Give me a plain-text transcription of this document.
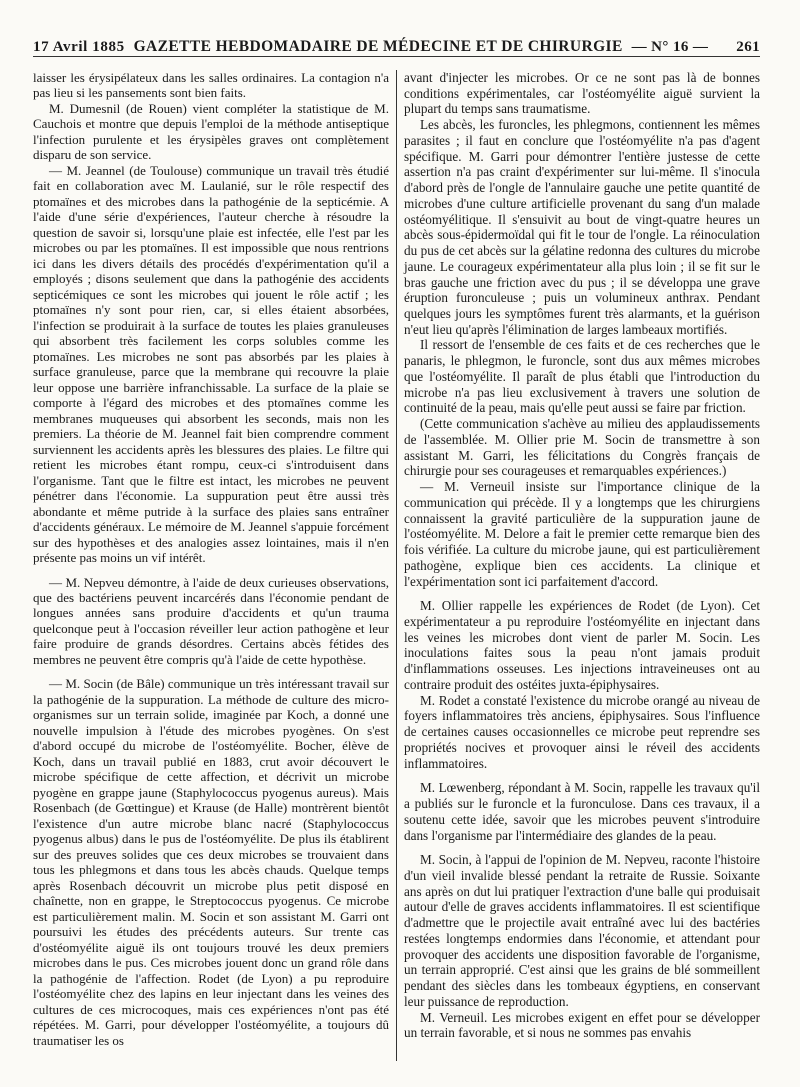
17 Avril 1885 GAZETTE HEBDOMADAIRE DE MÉDECINE ET DE CHIRURGIE — N° 16 — 261

laisser les érysipélateux dans les salles ordinaires. La contagion n'a pas lieu si les pansements sont bien faits.

M. Dumesnil (de Rouen) vient compléter la statistique de M. Cauchois et montre que depuis l'emploi de la méthode antiseptique l'infection purulente et les érysipèles graves ont complètement disparu de son service.

— M. Jeannel (de Toulouse) communique un travail très étudié fait en collaboration avec M. Laulanié, sur le rôle respectif des ptomaïnes et des microbes dans la pathogénie de la septicémie. A l'aide d'une série d'expériences, l'auteur cherche à résoudre la question de savoir si, lorsqu'une plaie est infectée, elle l'est par les microbes ou par les ptomaïnes. Il est impossible que nous rentrions ici dans les divers détails des procédés d'expérimentation qu'il a employés ; disons seulement que dans la pathogénie des accidents septicémiques ce sont les microbes qui jouent le rôle actif ; les ptomaïnes n'y sont pour rien, car, si elles étaient absorbées, l'infection se produirait à la surface de toutes les plaies granuleuses qui absorbent très facilement les corps solubles comme les ptomaïnes. Les microbes ne sont pas absorbés par les plaies à surface granuleuse, parce que la membrane qui recouvre la plaie leur oppose une barrière infranchissable. La surface de la plaie se comporte à l'égard des microbes et des ptomaïnes comme les membranes muqueuses qui absorbent les seconds, mais non les premiers. La théorie de M. Jeannel fait bien comprendre comment surviennent les accidents après les blessures des plaies. Le filtre qui retient les microbes étant rompu, ceux-ci s'introduisent dans l'organisme. Tant que le filtre est intact, les microbes ne peuvent pénétrer dans l'économie. La suppuration peut être aussi très abondante et même putride à la surface des plaies sans entraîner d'accidents généraux. Le mémoire de M. Jeannel s'appuie forcément sur des hypothèses et des analogies assez lointaines, mais il n'en présente pas moins un vif intérêt.

— M. Nepveu démontre, à l'aide de deux curieuses observations, que des bactériens peuvent incarcérés dans l'économie pendant de longues années sans produire d'accidents et qu'un trauma quelconque peut à l'occasion réveiller leur action pathogène et leur faire produire de grands désordres. Certains abcès fétides des membres ne peuvent être compris qu'à l'aide de cette hypothèse.

— M. Socin (de Bâle) communique un très intéressant travail sur la pathogénie de la suppuration. La méthode de culture des micro-organismes sur un terrain solide, imaginée par Koch, a donné une nouvelle impulsion à l'étude des microbes pyogènes. On s'est d'abord occupé du microbe de l'ostéomyélite. Bocher, élève de Koch, dans un travail publié en 1883, crut avoir découvert le microbe spécifique de cette affection, et décrivit un microbe pyogène en grappe jaune (Staphylococcus pyogenus aureus). Mais Rosenbach (de Gœttingue) et Krause (de Halle) montrèrent bientôt l'existence d'un autre microbe blanc nacré (Staphylococcus pyogenus albus) dans le pus de l'ostéomyélite. De plus ils établirent sur des preuves solides que ces deux microbes se trouvaient dans tous les phlegmons et dans tous les abcès chauds. Quelque temps après Rosenbach découvrit un microbe plus petit disposé en chaînette, non en grappe, le Streptococcus pyogenus. Ce microbe est particulièrement malin. M. Socin et son assistant M. Garri ont poursuivi les études des précédents auteurs. Sur trente cas d'ostéomyélite aiguë ils ont toujours trouvé les deux premiers microbes dans le pus. Ces microbes jouent donc un grand rôle dans la pathogénie de l'affection. Rodet (de Lyon) a pu reproduire l'ostéomyélite chez des lapins en leur injectant dans les veines des cultures de ces microcoques, mais ces expériences n'ont pas été répétées. M. Garri, pour développer l'ostéomyélite, a toujours dû traumatiser les os

avant d'injecter les microbes. Or ce ne sont pas là de bonnes conditions expérimentales, car l'ostéomyélite aiguë survient la plupart du temps sans traumatisme.

Les abcès, les furoncles, les phlegmons, contiennent les mêmes parasites ; il faut en conclure que l'ostéomyélite n'a pas d'agent spécifique. M. Garri pour démontrer l'entière justesse de cette assertion n'a pas craint d'expérimenter sur lui-même. Il s'inocula d'abord près de l'ongle de l'annulaire gauche une petite quantité de microbes d'une culture artificielle provenant du sang d'un malade ostéomyélitique. Il s'ensuivit au bout de vingt-quatre heures un abcès sous-épidermoïdal qui fit le tour de l'ongle. La réinoculation du pus de cet abcès sur la gélatine redonna des cultures du microbe jaune. Le courageux expérimentateur alla plus loin ; il se fit sur le bras gauche une friction avec du pus ; il se développa une grave éruption furonculeuse ; puis un volumineux anthrax. Pendant quelques jours les symptômes furent très alarmants, et la guérison n'eut lieu qu'après l'élimination de larges lambeaux mortifiés.

Il ressort de l'ensemble de ces faits et de ces recherches que le panaris, le phlegmon, le furoncle, sont dus aux mêmes microbes que l'ostéomyélite. Il paraît de plus établi que l'introduction du microbe n'a pas lieu exclusivement à travers une solution de continuité de la peau, mais qu'elle peut aussi se faire par friction.

(Cette communication s'achève au milieu des applaudissements de l'assemblée. M. Ollier prie M. Socin de transmettre à son assistant M. Garri, les félicitations du Congrès français de chirurgie pour ses courageuses et remarquables expériences.)

— M. Verneuil insiste sur l'importance clinique de la communication qui précède. Il y a longtemps que les chirurgiens connaissent la gravité particulière de la suppuration jaune de l'ostéomyélite. M. Delore a fait le premier cette remarque bien des fois vérifiée. La culture du microbe jaune, qui est particulièrement pathogène, explique bien ces accidents. La clinique et l'expérimentation sont ici parfaitement d'accord.

M. Ollier rappelle les expériences de Rodet (de Lyon). Cet expérimentateur a pu reproduire l'ostéomyélite en injectant dans les veines les microbes dont vient de parler M. Socin. Les inoculations faites sous la peau n'ont jamais produit d'inflammations osseuses. Les injections intraveineuses ont au contraire produit des ostéites juxta-épiphysaires.

M. Rodet a constaté l'existence du microbe orangé au niveau de foyers inflammatoires très anciens, épiphysaires. Sous l'influence de certaines causes occasionnelles ce microbe peut reprendre ses propriétés nocives et provoquer ainsi le réveil des accidents inflammatoires.

M. Lœwenberg, répondant à M. Socin, rappelle les travaux qu'il a publiés sur le furoncle et la furonculose. Dans ces travaux, il a soutenu cette idée, savoir que les microbes peuvent s'introduire dans l'organisme par l'intermédiaire des glandes de la peau.

M. Socin, à l'appui de l'opinion de M. Nepveu, raconte l'histoire d'un vieil invalide blessé pendant la retraite de Russie. Soixante ans après on dut lui pratiquer l'extraction d'une balle qui produisait autour d'elle de graves accidents inflammatoires. Il est scientifique d'admettre que le projectile avait entraîné avec lui des bactéries restées longtemps endormies dans l'économie, et attendant pour provoquer des accidents une disposition favorable de l'organisme, un terrain approprié. C'est ainsi que les grains de blé sommeillent pendant des siècles dans les tombeaux égyptiens, en conservant leur puissance de reproduction.

M. Verneuil. Les microbes exigent en effet pour se développer un terrain favorable, et si nous ne sommes pas envahis
